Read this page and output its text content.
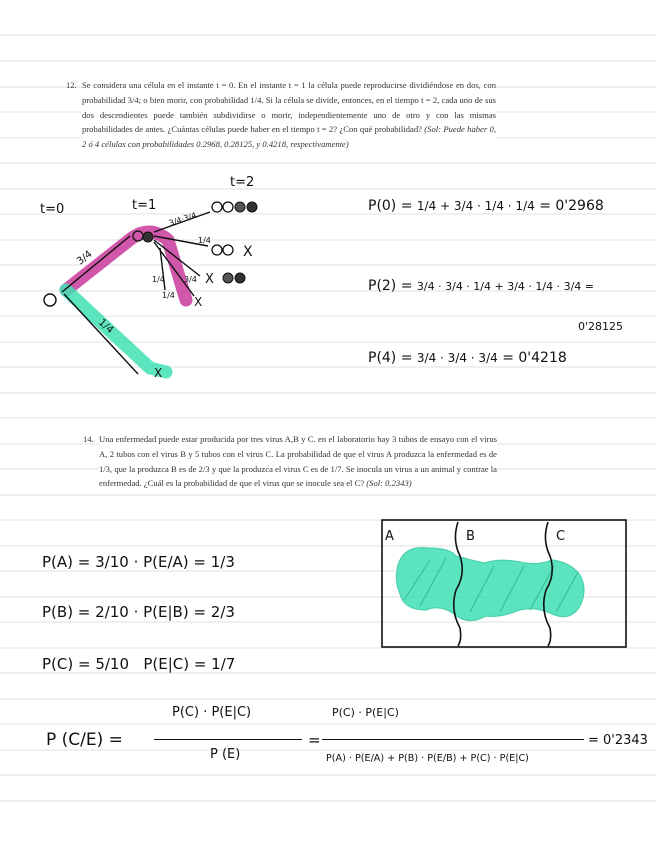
12. Se considera una célula en el instante t = 0. En el instante t = 1 la célula puede reproducirse dividiéndose en dos, con probabilidad 3/4; o bien morir, con probabilidad 1/4. Si la célula se divide, entonces, en el tiempo t = 2, cada uno de sus dos descendientes puede también subdividirse o morir, independientemente uno de otro y con las mismas probabilidades de antes. ¿Cuántas células puede haber en el tiempo t = 2? ¿Con qué probabilidad? (Sol: Puede haber 0, 2 ó 4 células con probabilidades 0.2968, 0.28125, y 0.4218, respectivamente)
t=0	t=1
t=2
3/4
1/4
3/4·3/4
1/4
1/4 3/4
1/4
X
X
X
X
P(0) = 1/4 + 3/4 · 1/4 · 1/4 = 0'2968
P(2) = 3/4 · 3/4 · 1/4 + 3/4 · 1/4 · 3/4 =
0'28125
P(4) = 3/4 · 3/4 · 3/4 = 0'4218
14. Una enfermedad puede estar producida por tres virus A,B y C. en el laboratorio hay 3 tubos de ensayo con el virus A, 2 tubos con el virus B y 5 tubos con el virus C. La probabilidad de que el virus A produzca la enfermedad es de 1/3, que la produzca B es de 2/3 y que la produzca el virus C es de 1/7. Se inocula un virus a un animal y contrae la enfermedad. ¿Cuál es la probabilidad de que el virus que se inocule sea el C? (Sol: 0.2343)
P(A) = 3/10 · P(E/A) = 1/3
P(B) = 2/10 · P(E|B) = 2/3
P(C) = 5/10   P(E|C) = 1/7
P (C/E) =
P(C) · P(E|C)
P (E)
=
P(C) · P(E|C)
P(A) · P(E/A) + P(B) · P(E/B) + P(C) · P(E|C)
= 0'2343
A	B	C
